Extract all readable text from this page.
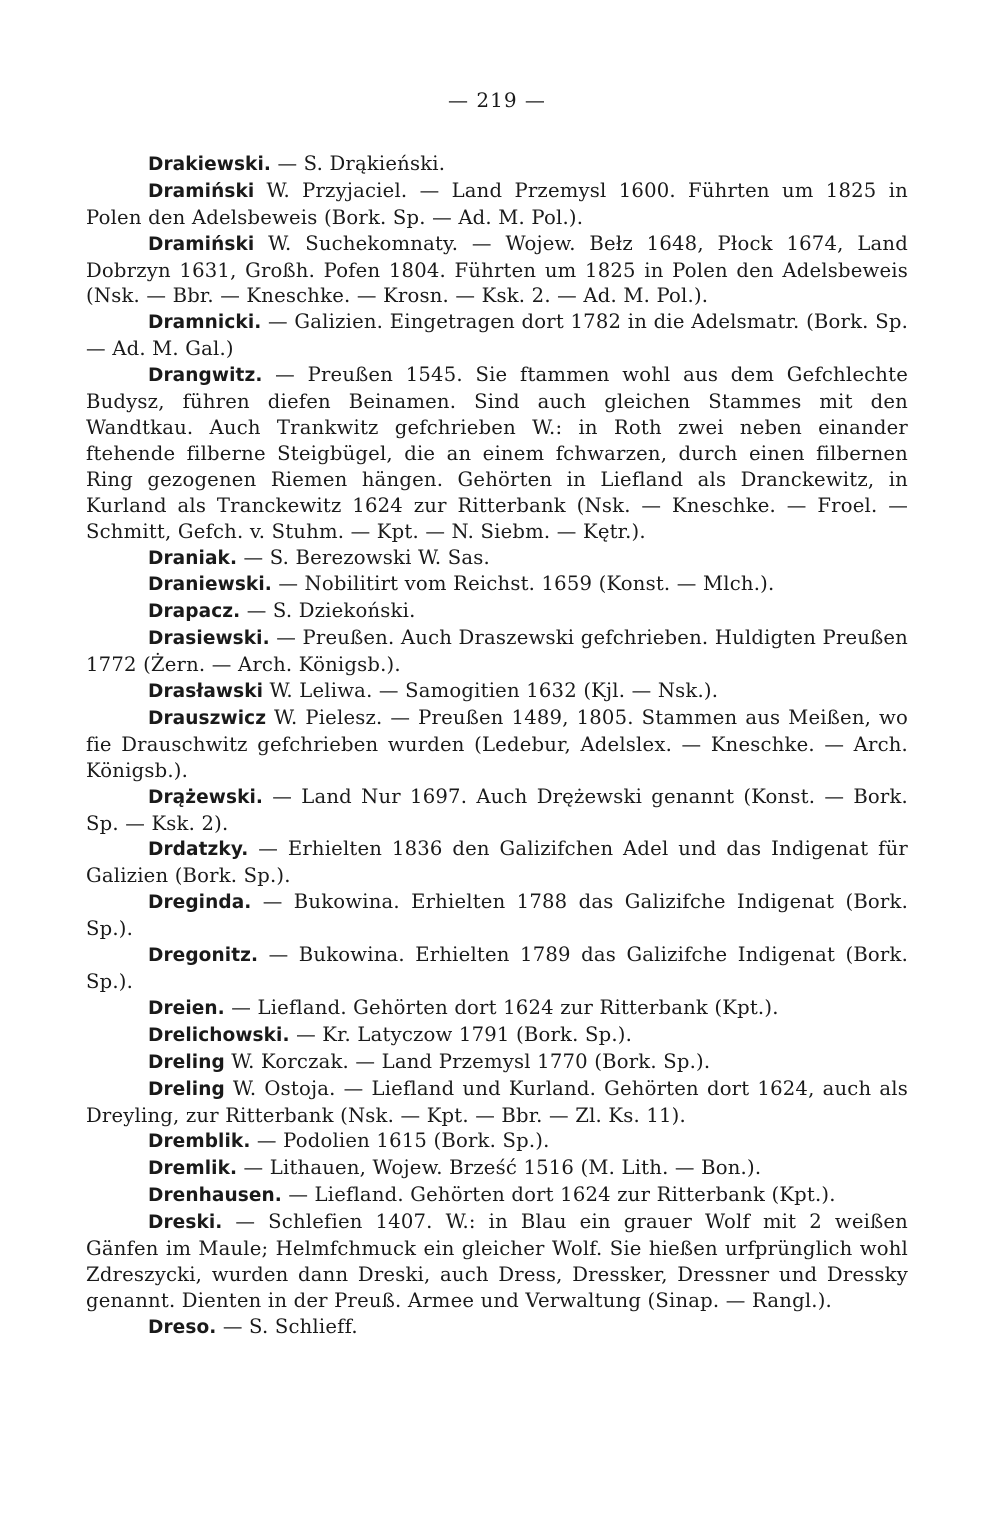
— 219 —

Drakiewski. — S. Drąkieński.

Dramiński W. Przyjaciel. — Land Przemysl 1600. Führten um 1825 in Polen den Adelsbeweis (Bork. Sp. — Ad. M. Pol.).

Dramiński W. Suchekomnaty. — Wojew. Bełz 1648, Płock 1674, Land Dobrzyn 1631, Großh. Pofen 1804. Führten um 1825 in Polen den Adelsbeweis (Nsk. — Bbr. — Kneschke. — Krosn. — Ksk. 2. — Ad. M. Pol.).

Dramnicki. — Galizien. Eingetragen dort 1782 in die Adelsmatr. (Bork. Sp. — Ad. M. Gal.)

Drangwitz. — Preußen 1545. Sie ftammen wohl aus dem Gefchlechte Budysz, führen diefen Beinamen. Sind auch gleichen Stammes mit den Wandtkau. Auch Trankwitz gefchrieben W.: in Roth zwei neben einander ftehende filberne Steigbügel, die an einem fchwarzen, durch einen filbernen Ring gezogenen Riemen hängen. Gehörten in Liefland als Dranckewitz, in Kurland als Tranckewitz 1624 zur Ritterbank (Nsk. — Kneschke. — Froel. — Schmitt, Gefch. v. Stuhm. — Kpt. — N. Siebm. — Kętr.).

Draniak. — S. Berezowski W. Sas.

Draniewski. — Nobilitirt vom Reichst. 1659 (Konst. — Mlch.).

Drapacz. — S. Dziekoński.

Drasiewski. — Preußen. Auch Draszewski gefchrieben. Huldigten Preußen 1772 (Żern. — Arch. Königsb.).

Drasławski W. Leliwa. — Samogitien 1632 (Kjl. — Nsk.).

Drauszwicz W. Pielesz. — Preußen 1489, 1805. Stammen aus Meißen, wo fie Drauschwitz gefchrieben wurden (Ledebur, Adelslex. — Kneschke. — Arch. Königsb.).

Drążewski. — Land Nur 1697. Auch Drężewski genannt (Konst. — Bork. Sp. — Ksk. 2).

Drdatzky. — Erhielten 1836 den Galizifchen Adel und das Indigenat für Galizien (Bork. Sp.).

Dreginda. — Bukowina. Erhielten 1788 das Galizifche Indigenat (Bork. Sp.).

Dregonitz. — Bukowina. Erhielten 1789 das Galizifche Indigenat (Bork. Sp.).

Dreien. — Liefland. Gehörten dort 1624 zur Ritterbank (Kpt.).

Drelichowski. — Kr. Latyczow 1791 (Bork. Sp.).

Dreling W. Korczak. — Land Przemysl 1770 (Bork. Sp.).

Dreling W. Ostoja. — Liefland und Kurland. Gehörten dort 1624, auch als Dreyling, zur Ritterbank (Nsk. — Kpt. — Bbr. — Zl. Ks. 11).

Dremblik. — Podolien 1615 (Bork. Sp.).

Dremlik. — Lithauen, Wojew. Brześć 1516 (M. Lith. — Bon.).

Drenhausen. — Liefland. Gehörten dort 1624 zur Ritterbank (Kpt.).

Dreski. — Schlefien 1407. W.: in Blau ein grauer Wolf mit 2 weißen Gänfen im Maule; Helmfchmuck ein gleicher Wolf. Sie hießen urfprünglich wohl Zdreszycki, wurden dann Dreski, auch Dress, Dressker, Dressner und Dressky genannt. Dienten in der Preuß. Armee und Verwaltung (Sinap. — Rangl.).

Dreso. — S. Schlieff.
